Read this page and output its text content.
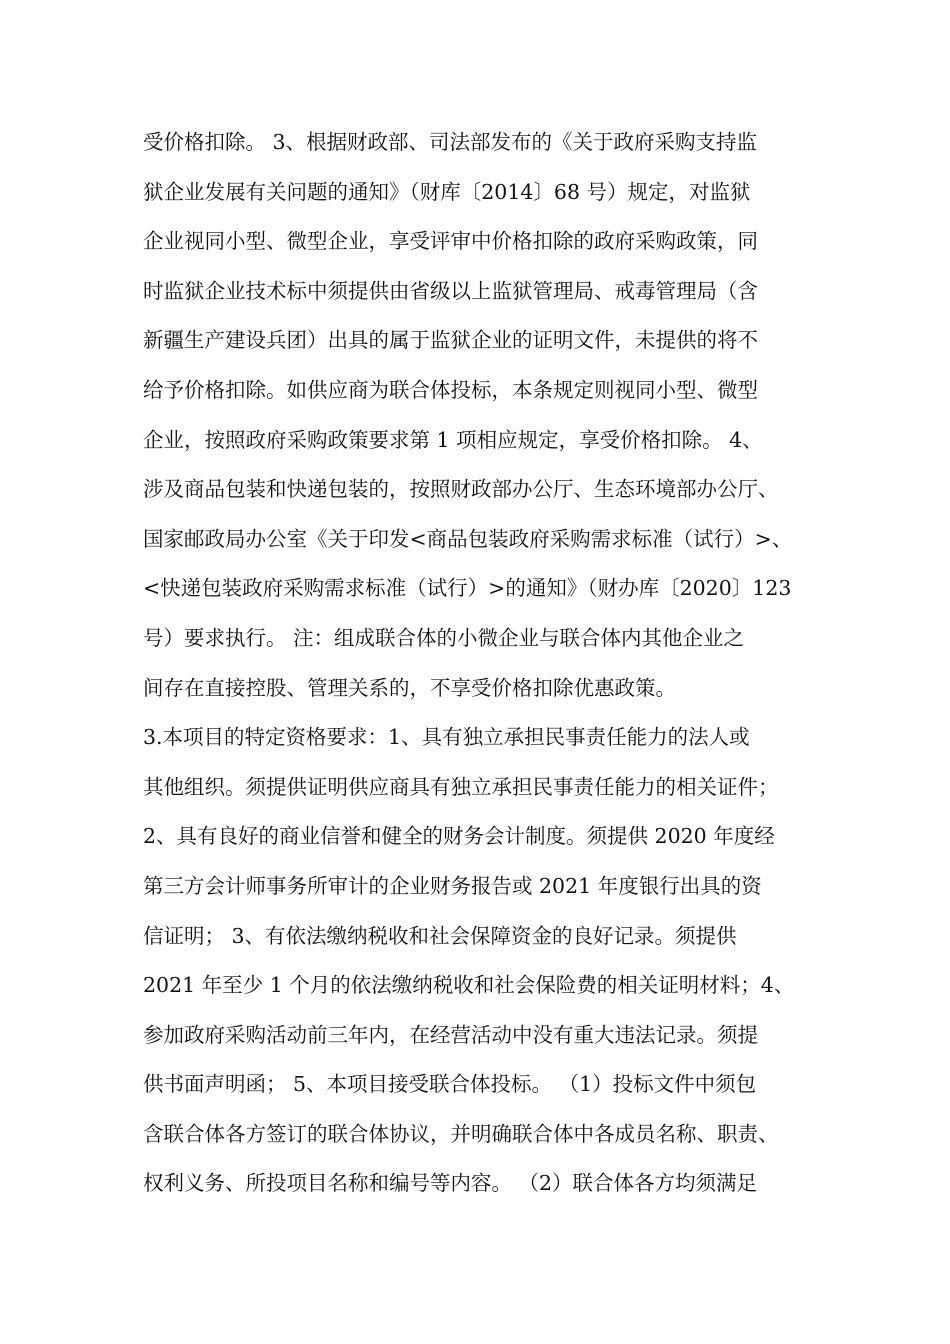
受价格扣除。 3、根据财政部、司法部发布的《关于政府采购支持监
狱企业发展有关问题的通知》（财库〔2014〕68 号）规定，对监狱
企业视同小型、微型企业，享受评审中价格扣除的政府采购政策，同
时监狱企业技术标中须提供由省级以上监狱管理局、戒毒管理局（含
新疆生产建设兵团）出具的属于监狱企业的证明文件，未提供的将不
给予价格扣除。如供应商为联合体投标，本条规定则视同小型、微型
企业，按照政府采购政策要求第 1 项相应规定，享受价格扣除。 4、
涉及商品包装和快递包装的，按照财政部办公厅、生态环境部办公厅、
国家邮政局办公室《关于印发<商品包装政府采购需求标准（试行）>、
<快递包装政府采购需求标准（试行）>的通知》（财办库〔2020〕123
号）要求执行。 注：组成联合体的小微企业与联合体内其他企业之
间存在直接控股、管理关系的，不享受价格扣除优惠政策。
3.本项目的特定资格要求：1、具有独立承担民事责任能力的法人或
其他组织。须提供证明供应商具有独立承担民事责任能力的相关证件；
2、具有良好的商业信誉和健全的财务会计制度。须提供 2020 年度经
第三方会计师事务所审计的企业财务报告或 2021 年度银行出具的资
信证明； 3、有依法缴纳税收和社会保障资金的良好记录。须提供
2021 年至少 1 个月的依法缴纳税收和社会保险费的相关证明材料；4、
参加政府采购活动前三年内，在经营活动中没有重大违法记录。须提
供书面声明函； 5、本项目接受联合体投标。 （1）投标文件中须包
含联合体各方签订的联合体协议，并明确联合体中各成员名称、职责、
权利义务、所投项目名称和编号等内容。 （2）联合体各方均须满足
